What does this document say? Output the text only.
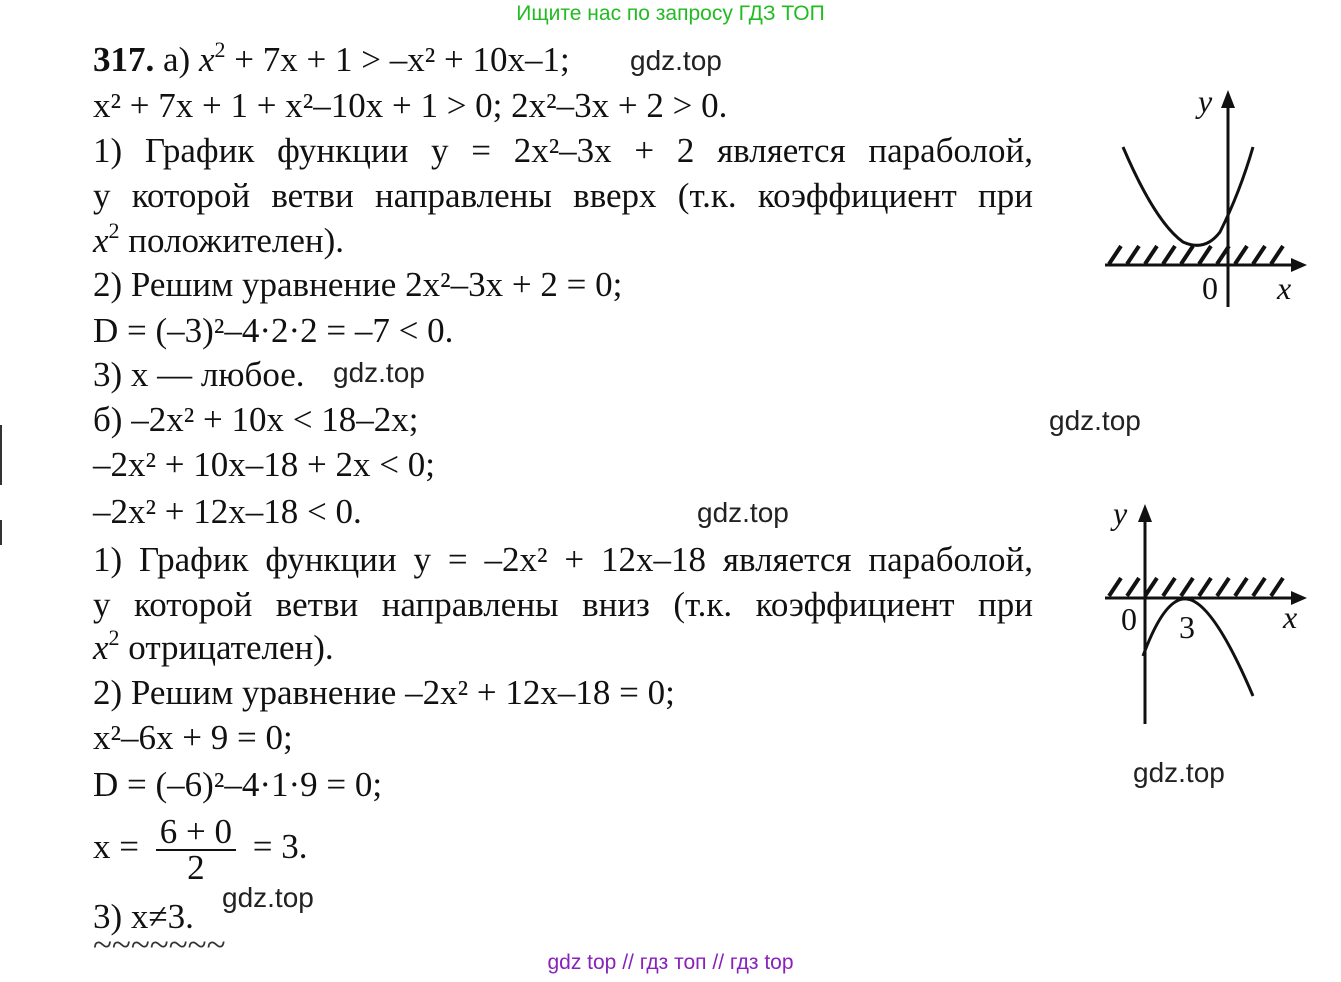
Ищите нас по запросу ГДЗ ТОП
317. а) $x^2 + 7x + 1 > -x^2 + 10x-1$; gdz.top
x² + 7x + 1 + x²–10x + 1 > 0; 2x²–3x + 2 > 0.
1) График функции y = 2x²–3x + 2 является параболой,
у которой ветви направлены вверх (т.к. коэффициент при
$x^2$ положителен).
2) Решим уравнение 2x²–3x + 2 = 0;
D = (–3)²–4·2·2 = –7 < 0.
3) x — любое. gdz.top
б) –2x² + 10x < 18–2x;	gdz.top
–2x² + 10x–18 + 2x < 0;
–2x² + 12x–18 < 0.	gdz.top
1) График функции y = –2x² + 12x–18 является параболой,
у которой ветви направлены вниз (т.к. коэффициент при
$x^2$ отрицателен).
2) Решим уравнение –2x² + 12x–18 = 0;
x²–6x + 9 = 0;
D = (–6)²–4·1·9 = 0;	gdz.top
$x = \frac{6 + 0}{2} = 3$.
gdz.top
3) x≠3.
~~~~~~~
y
x
0
y
x
0 3
gdz top // гдз топ // гдз top
